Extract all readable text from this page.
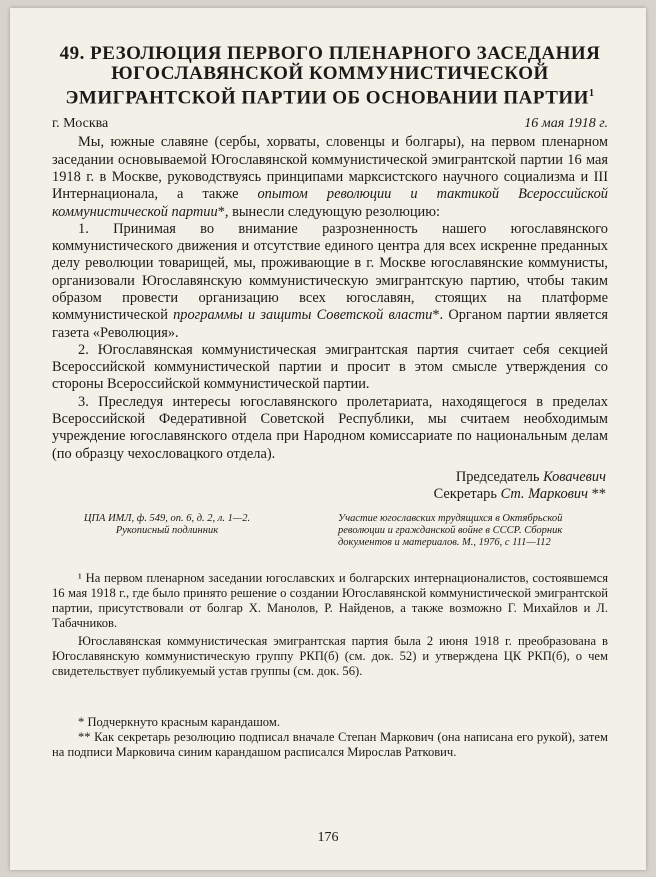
49. РЕЗОЛЮЦИЯ ПЕРВОГО ПЛЕНАРНОГО ЗАСЕДАНИЯ
ЮГОСЛАВЯНСКОЙ КОММУНИСТИЧЕСКОЙ
ЭМИГРАНТСКОЙ ПАРТИИ ОБ ОСНОВАНИИ ПАРТИИ$^1$
г. Москва	16 мая 1918 г.

Мы, южные славяне (сербы, хорваты, словенцы и болгары), на первом пленарном заседании основываемой Югославянской коммунистической эмигрантской партии 16 мая 1918 г. в Москве, руководствуясь принципами марксистского научного социализма и III Интернационала, а также опытом революции и тактикой Всероссийской коммунистической партии*, вынесли следующую резолюцию:

1. Принимая во внимание разрозненность нашего югославянского коммунистического движения и отсутствие единого центра для всех искренне преданных делу революции товарищей, мы, проживающие в г. Москве югославянские коммунисты, организовали Югославянскую коммунистическую эмигрантскую партию, чтобы таким образом провести организацию всех югославян, стоящих на платформе коммунистической программы и защиты Советской власти*. Органом партии является газета «Революция».

2. Югославянская коммунистическая эмигрантская партия считает себя секцией Всероссийской коммунистической партии и просит в этом смысле утверждения со стороны Всероссийской коммунистической партии.

3. Преследуя интересы югославянского пролетариата, находящегося в пределах Всероссийской Федеративной Советской Республики, мы считаем необходимым учреждение югославянского отдела при Народном комиссариате по национальным делам (по образцу чехословацкого отдела).

Председатель Ковачевич
Секретарь Ст. Маркович **
ЦПА ИМЛ, ф. 549, оп. 6, д. 2, л. 1—2.
Рукописный подлинник
Участие югославских трудящихся в Октябрьской революции и гражданской войне в СССР. Сборник документов и материалов. М., 1976, с 111—112

¹ На первом пленарном заседании югославских и болгарских интернационалистов, состоявшемся 16 мая 1918 г., где было принято решение о создании Югославянской коммунистической эмигрантской партии, присутствовали от болгар Х. Манолов, Р. Найденов, а также возможно Г. Михайлов и Л. Табачников.

Югославянская коммунистическая эмигрантская партия была 2 июня 1918 г. преобразована в Югославянскую коммунистическую группу РКП(б) (см. док. 52) и утверждена ЦК РКП(б), о чем свидетельствует публикуемый устав группы (см. док. 56).

* Подчеркнуто красным карандашом.

** Как секретарь резолюцию подписал вначале Степан Маркович (она написана его рукой), затем на подписи Марковича синим карандашом расписался Мирослав Раткович.

176
